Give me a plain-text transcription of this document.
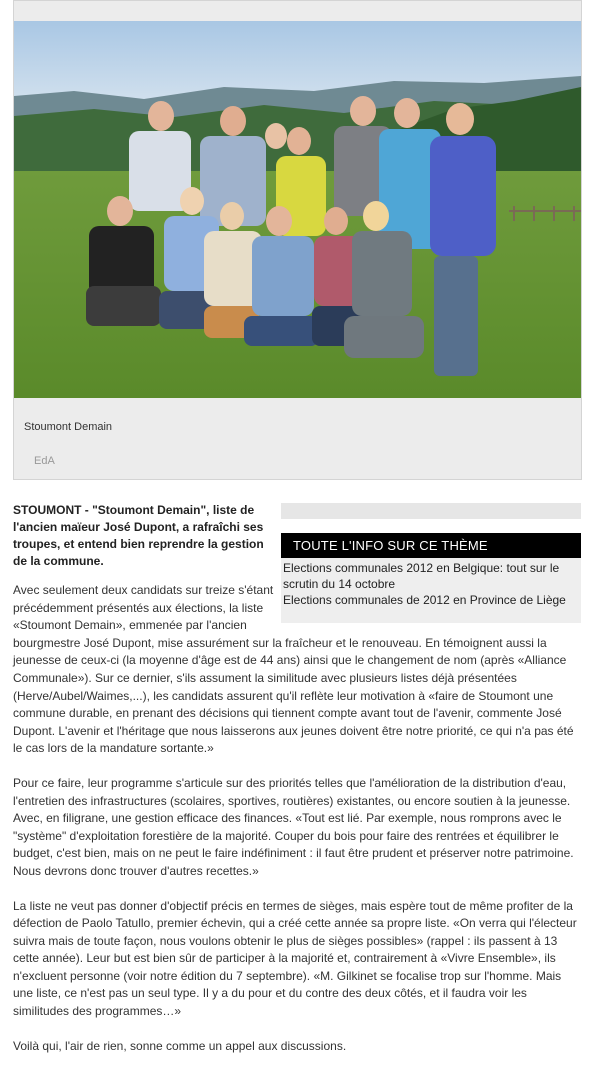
Stoumont Demain
EdA
STOUMONT - "Stoumont Demain", liste de l'ancien maïeur José Dupont, a rafraîchi ses troupes, et entend bien reprendre la gestion de la commune.
TOUTE L'INFO SUR CE THÈME
Elections communales 2012 en Belgique: tout sur le scrutin du 14 octobre
Elections communales de 2012 en Province de Liège

Avec seulement deux candidats sur treize s'étant précédemment présentés aux élections, la liste «Stoumont Demain», emmenée par l'ancien bourgmestre José Dupont, mise assurément sur la fraîcheur et le renouveau. En témoignent aussi la jeunesse de ceux-ci (la moyenne d'âge est de 44 ans) ainsi que le changement de nom (après «Alliance Communale»). Sur ce dernier, s'ils assument la similitude avec plusieurs listes déjà présentées (Herve/Aubel/Waimes,...), les candidats assurent qu'il reflète leur motivation à «faire de Stoumont une commune durable, en prenant des décisions qui tiennent compte avant tout de l'avenir, commente José Dupont. L'avenir et l'héritage que nous laisserons aux jeunes doivent être notre priorité, ce qui n'a pas été le cas lors de la mandature sortante.»

Pour ce faire, leur programme s'articule sur des priorités telles que l'amélioration de la distribution d'eau, l'entretien des infrastructures (scolaires, sportives, routières) existantes, ou encore soutien à la jeunesse. Avec, en filigrane, une gestion efficace des finances. «Tout est lié. Par exemple, nous romprons avec le "système" d'exploitation forestière de la majorité. Couper du bois pour faire des rentrées et équilibrer le budget, c'est bien, mais on ne peut le faire indéfiniment : il faut être prudent et préserver notre patrimoine. Nous devrons donc trouver d'autres recettes.»

La liste ne veut pas donner d'objectif précis en termes de sièges, mais espère tout de même profiter de la défection de Paolo Tatullo, premier échevin, qui a créé cette année sa propre liste. «On verra qui l'électeur suivra mais de toute façon, nous voulons obtenir le plus de sièges possibles» (rappel : ils passent à 13 cette année). Leur but est bien sûr de participer à la majorité et, contrairement à «Vivre Ensemble», ils n'excluent personne (voir notre édition du 7 septembre). «M. Gilkinet se focalise trop sur l'homme. Mais une liste, ce n'est pas un seul type. Il y a du pour et du contre des deux côtés, et il faudra voir les similitudes des programmes…»

Voilà qui, l'air de rien, sonne comme un appel aux discussions.
